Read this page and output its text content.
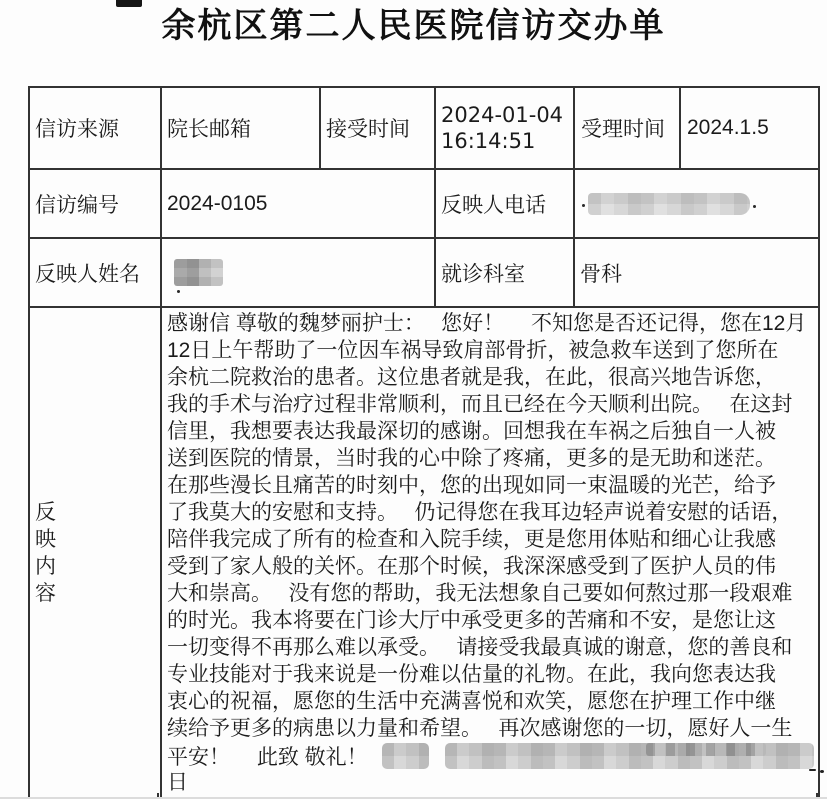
余杭区第二人民医院信访交办单
信访来源	院长邮箱	接受时间	2024-01-04 16:14:51	受理时间	2024.1.5
信访编号	2024-0105		反映人电话		

反映人姓名			就诊科室	骨科	

反映内容

感谢信 尊敬的魏梦丽护士：　 您好！　 不知您是否还记得，您在12月
12日上午帮助了一位因车祸导致肩部骨折，被急救车送到了您所在
余杭二院救治的患者。这位患者就是我，在此，很高兴地告诉您，
我的手术与治疗过程非常顺利，而且已经在今天顺利出院。　 在这封
信里，我想要表达我最深切的感谢。回想我在车祸之后独自一人被
送到医院的情景，当时我的心中除了疼痛，更多的是无助和迷茫。
在那些漫长且痛苦的时刻中，您的出现如同一束温暖的光芒，给予
了我莫大的安慰和支持。　 仍记得您在我耳边轻声说着安慰的话语，
陪伴我完成了所有的检查和入院手续，更是您用体贴和细心让我感
受到了家人般的关怀。在那个时候，我深深感受到了医护人员的伟
大和崇高。　 没有您的帮助，我无法想象自己要如何熬过那一段艰难
的时光。我本将要在门诊大厅中承受更多的苦痛和不安，是您让这
一切变得不再那么难以承受。　 请接受我最真诚的谢意，您的善良和
专业技能对于我来说是一份难以估量的礼物。在此，我向您表达我
衷心的祝福，愿您的生活中充满喜悦和欢笑，愿您在护理工作中继
续给予更多的病患以力量和希望。　 再次感谢您的一切，愿好人一生
平安！　 此致 敬礼！
日
